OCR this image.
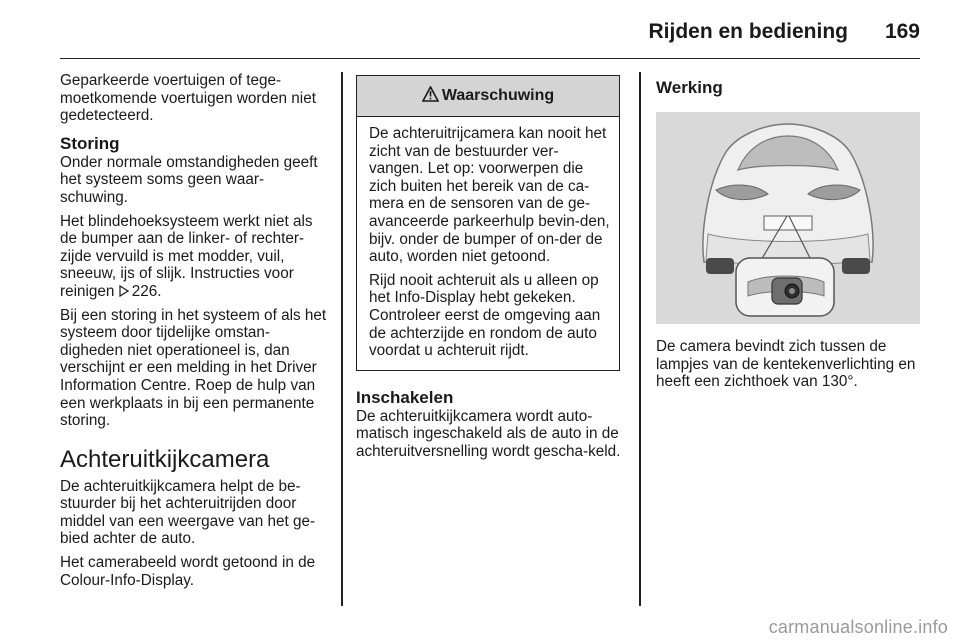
Rijden en bediening 169

Geparkeerde voertuigen of tege-moetkomende voertuigen worden niet gedetecteerd.

Storing

Onder normale omstandigheden geeft het systeem soms geen waar-schuwing.

Het blindehoeksysteem werkt niet als de bumper aan de linker- of rechter-zijde vervuild is met modder, vuil, sneeuw, ijs of slijk. Instructies voor reinigen 226.

Bij een storing in het systeem of als het systeem door tijdelijke omstan-digheden niet operationeel is, dan verschijnt er een melding in het Driver Information Centre. Roep de hulp van een werkplaats in bij een permanente storing.

Achteruitkijkcamera

De achteruitkijkcamera helpt de be-stuurder bij het achteruitrijden door middel van een weergave van het ge-bied achter de auto.

Het camerabeeld wordt getoond in de Colour-Info-Display.

Waarschuwing

De achteruitrijcamera kan nooit het zicht van de bestuurder ver-vangen. Let op: voorwerpen die zich buiten het bereik van de ca-mera en de sensoren van de ge-avanceerde parkeerhulp bevin-den, bijv. onder de bumper of on-der de auto, worden niet getoond.

Rijd nooit achteruit als u alleen op het Info-Display hebt gekeken. Controleer eerst de omgeving aan de achterzijde en rondom de auto voordat u achteruit rijdt.

Inschakelen

De achteruitkijkcamera wordt auto-matisch ingeschakeld als de auto in de achteruitversnelling wordt gescha-keld.

Werking

De camera bevindt zich tussen de lampjes van de kentekenverlichting en heeft een zichthoek van 130°.

carmanualsonline.info
